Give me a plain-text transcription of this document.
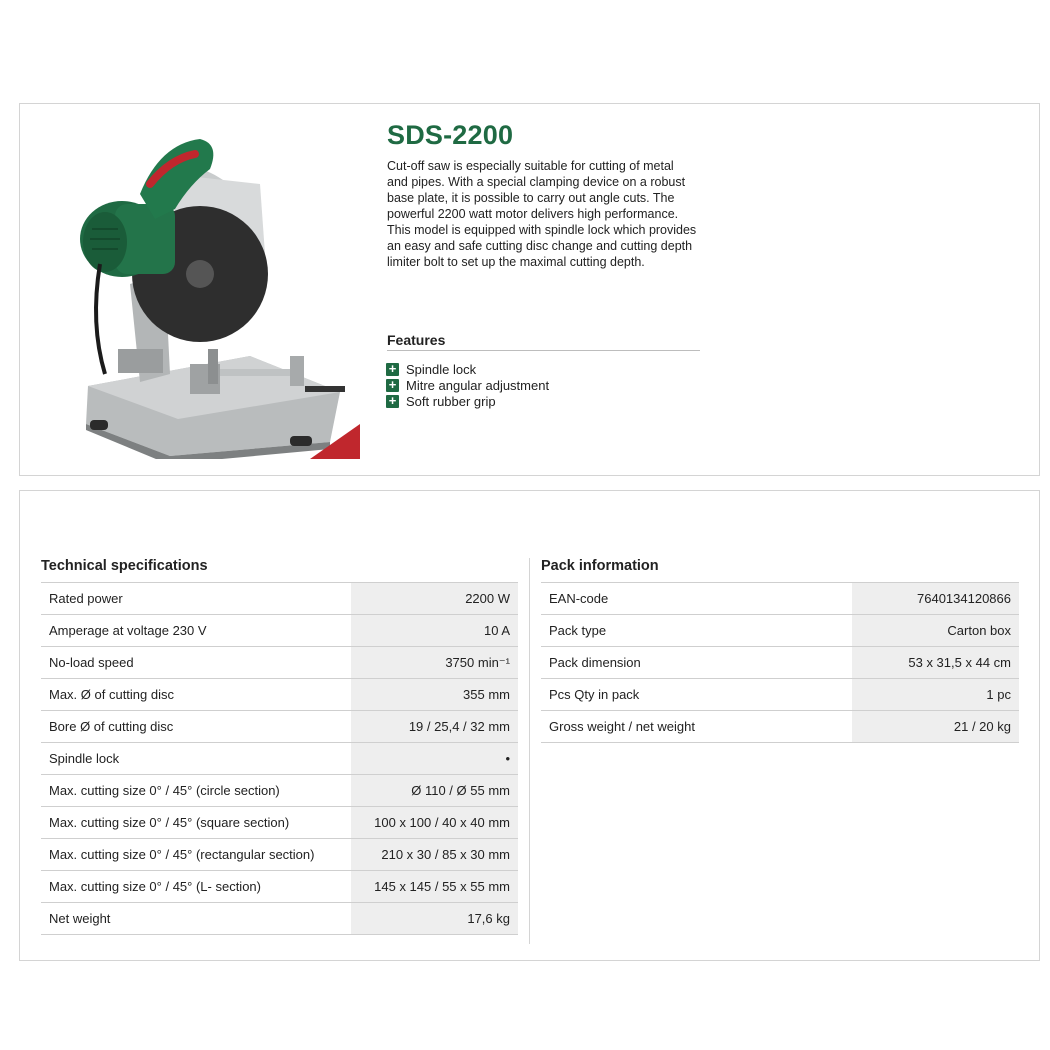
SDS-2200

Cut-off saw is especially suitable for cutting of metal and pipes. With a special clamping device on a robust base plate, it is possible to carry out angle cuts. The powerful 2200 watt motor delivers high performance. This model is equipped with spindle lock which provides an easy and safe cutting disc change and cutting depth limiter bolt to set up the maximal cutting depth.

Features
+ Spindle lock
+ Mitre angular adjustment
+ Soft rubber grip
Technical specifications
Rated power	2200 W
Amperage at voltage 230 V	10 A
No-load speed	3750 min⁻¹
Max. Ø of cutting disc	355 mm
Bore Ø of cutting disc	19 / 25,4 / 32 mm
Spindle lock	•
Max. cutting size 0° / 45° (circle section)	Ø 110 / Ø 55 mm
Max. cutting size 0° / 45° (square section)	100 x 100 / 40 x 40 mm
Max. cutting size 0° / 45° (rectangular section)	210 x 30 / 85 x 30 mm
Max. cutting size 0° / 45° (L- section)	145 x 145 / 55 x 55 mm
Net weight	17,6 kg
Pack information
EAN-code	7640134120866
Pack type	Carton box
Pack dimension	53 x 31,5 x 44 cm
Pcs Qty in pack	1 pc
Gross weight / net weight	21 / 20 kg
